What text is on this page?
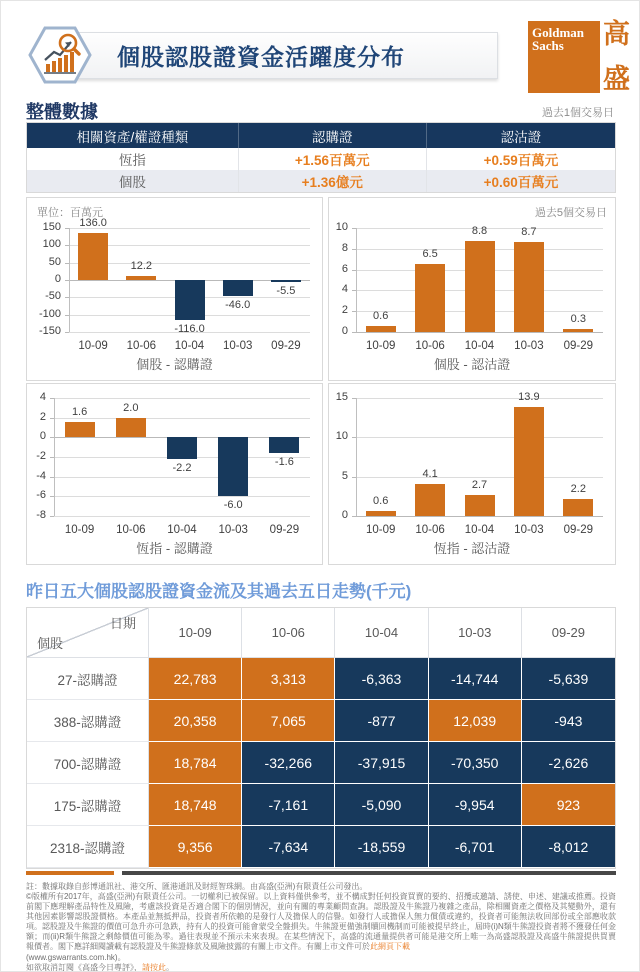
個股認股證資金活躍度分布
Goldman
Sachs	高
盛
整體數據	過去1個交易日
相關資產/權證種類	認購證	認沽證
恆指	+1.56百萬元	+0.59百萬元
個股	+1.36億元	+0.60百萬元
單位：百萬元
150
100
50
0
-50
-100
-150
136.0
10-09
12.2
10-06
-116.0
10-04
-46.0
10-03
-5.5
09-29
個股 - 認購證
過去5個交易日
10
8
6
4
2
0
0.6
10-09
6.5
10-06
8.8
10-04
8.7
10-03
0.3
09-29
個股 - 認沽證
4
2
0
-2
-4
-6
-8
1.6
10-09
2.0
10-06
-2.2
10-04
-6.0
10-03
-1.6
09-29
恆指 - 認購證
15
10
5
0
0.6
10-09
4.1
10-06
2.7
10-04
13.9
10-03
2.2
09-29
恆指 - 認沽證
昨日五大個股認股證資金流及其過去五日走勢(千元)
日期
個股
10-09	10-06	10-04	10-03	09-29
27-認購證	22,783	3,313	-6,363	-14,744	-5,639
388-認購證	20,358	7,065	-877	12,039	-943
700-認購證	18,784	-32,266	-37,915	-70,350	-2,626
175-認購證	18,748	-7,161	-5,090	-9,954	923
2318-認購證	9,356	-7,634	-18,559	-6,701	-8,012

註：數據取錄自彭博通訊社、港交所、匯港通訊及財經智珠網。由高盛(亞洲)有限責任公司發出。

©版權所有2017年，高盛(亞洲)有限責任公司。一切權利已被保留。以上資料僅供參考，並不構成對任何投資買賣的要約、招攬或邀請、誘使、申述、建議或推薦。投資前閣下應理解產品特性及風險，考慮該投資是否適合閣下的個別情況，並向有關的專業顧問查詢。認股證及牛熊證乃複雜之產品，除相關資產之價格及其變動外，還有其他因素影響認股證價格。本產品並無抵押品，投資者所依賴的是發行人及擔保人的信譽。如發行人或擔保人無力償債或違約，投資者可能無法收回部份或全部應收款項。認股證及牛熊證的價值可急升亦可急跌，持有人的投資可能會蒙受全盤損失。牛熊證更備強制贖回機制而可能被提早終止，屆時(i)N類牛熊證投資者將不獲發任何金額；而(ii)R類牛熊證之剩餘價值可能為零。過往表現並不預示未來表現。在某些情況下，高盛的流通量提供者可能是港交所上唯一為高盛認股證及高盛牛熊證提供買賣報價者。閣下應詳細閱讀載有認股證及牛熊證條款及風險披露的有關上市文件。有關上市文件可於此網頁下載

(www.gswarrants.com.hk)。

如欲取消訂閱《高盛今日專評》，請按此。
